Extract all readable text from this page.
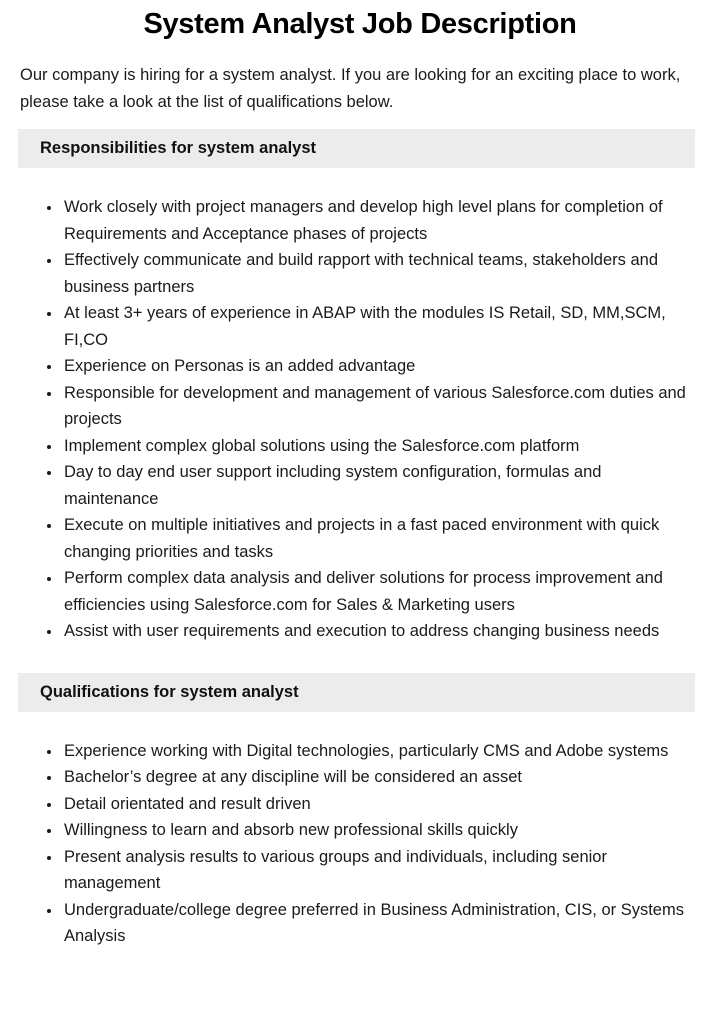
System Analyst Job Description

Our company is hiring for a system analyst. If you are looking for an exciting place to work, please take a look at the list of qualifications below.

Responsibilities for system analyst
• Work closely with project managers and develop high level plans for completion of Requirements and Acceptance phases of projects
• Effectively communicate and build rapport with technical teams, stakeholders and business partners
• At least 3+ years of experience in ABAP with the modules IS Retail, SD, MM,SCM, FI,CO
• Experience on Personas is an added advantage
• Responsible for development and management of various Salesforce.com duties and projects
• Implement complex global solutions using the Salesforce.com platform
• Day to day end user support including system configuration, formulas and maintenance
• Execute on multiple initiatives and projects in a fast paced environment with quick changing priorities and tasks
• Perform complex data analysis and deliver solutions for process improvement and efficiencies using Salesforce.com for Sales & Marketing users
• Assist with user requirements and execution to address changing business needs
Qualifications for system analyst
• Experience working with Digital technologies, particularly CMS and Adobe systems
• Bachelor’s degree at any discipline will be considered an asset
• Detail orientated and result driven
• Willingness to learn and absorb new professional skills quickly
• Present analysis results to various groups and individuals, including senior management
• Undergraduate/college degree preferred in Business Administration, CIS, or Systems Analysis
